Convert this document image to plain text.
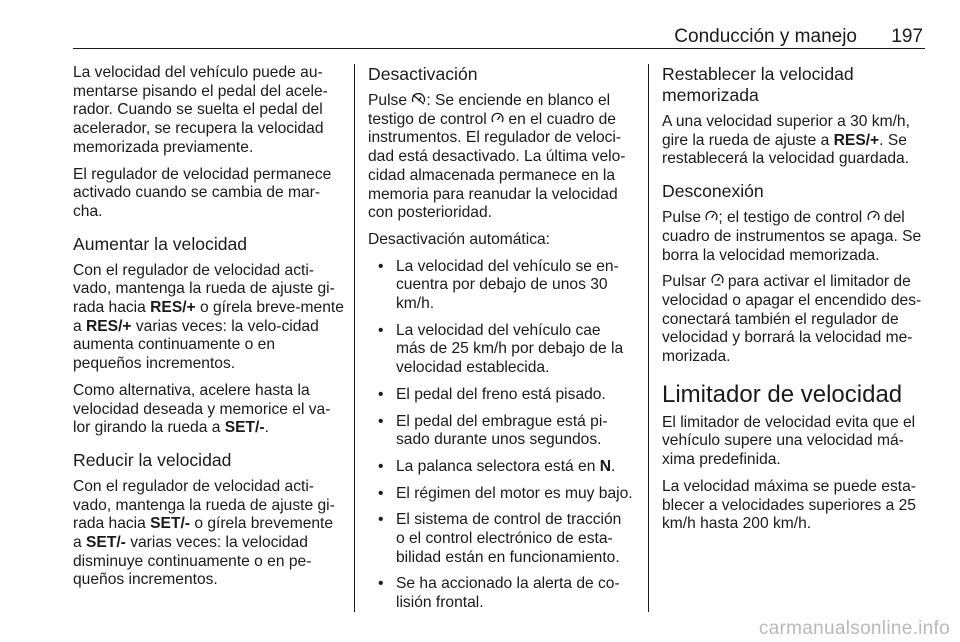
Conducción y manejo 197

La velocidad del vehículo puede au-mentarse pisando el pedal del acele-rador. Cuando se suelta el pedal del acelerador, se recupera la velocidad memorizada previamente.

El regulador de velocidad permanece activado cuando se cambia de mar-cha.

Aumentar la velocidad

Con el regulador de velocidad acti-vado, mantenga la rueda de ajuste gi-rada hacia RES/+ o gírela breve-mente a RES/+ varias veces: la velo-cidad aumenta continuamente o en pequeños incrementos.

Como alternativa, acelere hasta la velocidad deseada y memorice el va-lor girando la rueda a SET/-.

Reducir la velocidad

Con el regulador de velocidad acti-vado, mantenga la rueda de ajuste gi-rada hacia SET/- o gírela brevemente a SET/- varias veces: la velocidad disminuye continuamente o en pe-queños incrementos.

Desactivación

Pulse : Se enciende en blanco el testigo de control  en el cuadro de instrumentos. El regulador de veloci-dad está desactivado. La última velo-cidad almacenada permanece en la memoria para reanudar la velocidad con posterioridad.

Desactivación automática:

• La velocidad del vehículo se en-cuentra por debajo de unos 30 km/h.
• La velocidad del vehículo cae más de 25 km/h por debajo de la velocidad establecida.
• El pedal del freno está pisado.
• El pedal del embrague está pi-sado durante unos segundos.
• La palanca selectora está en N.
• El régimen del motor es muy bajo.
• El sistema de control de tracción o el control electrónico de esta-bilidad están en funcionamiento.
• Se ha accionado la alerta de co-lisión frontal.
Restablecer la velocidad memorizada

A una velocidad superior a 30 km/h, gire la rueda de ajuste a RES/+. Se restablecerá la velocidad guardada.

Desconexión

Pulse ; el testigo de control  del cuadro de instrumentos se apaga. Se borra la velocidad memorizada.

Pulsar  para activar el limitador de velocidad o apagar el encendido des-conectará también el regulador de velocidad y borrará la velocidad me-morizada.

Limitador de velocidad

El limitador de velocidad evita que el vehículo supere una velocidad má-xima predefinida.

La velocidad máxima se puede esta-blecer a velocidades superiores a 25 km/h hasta 200 km/h.

carmanualsonline.info
